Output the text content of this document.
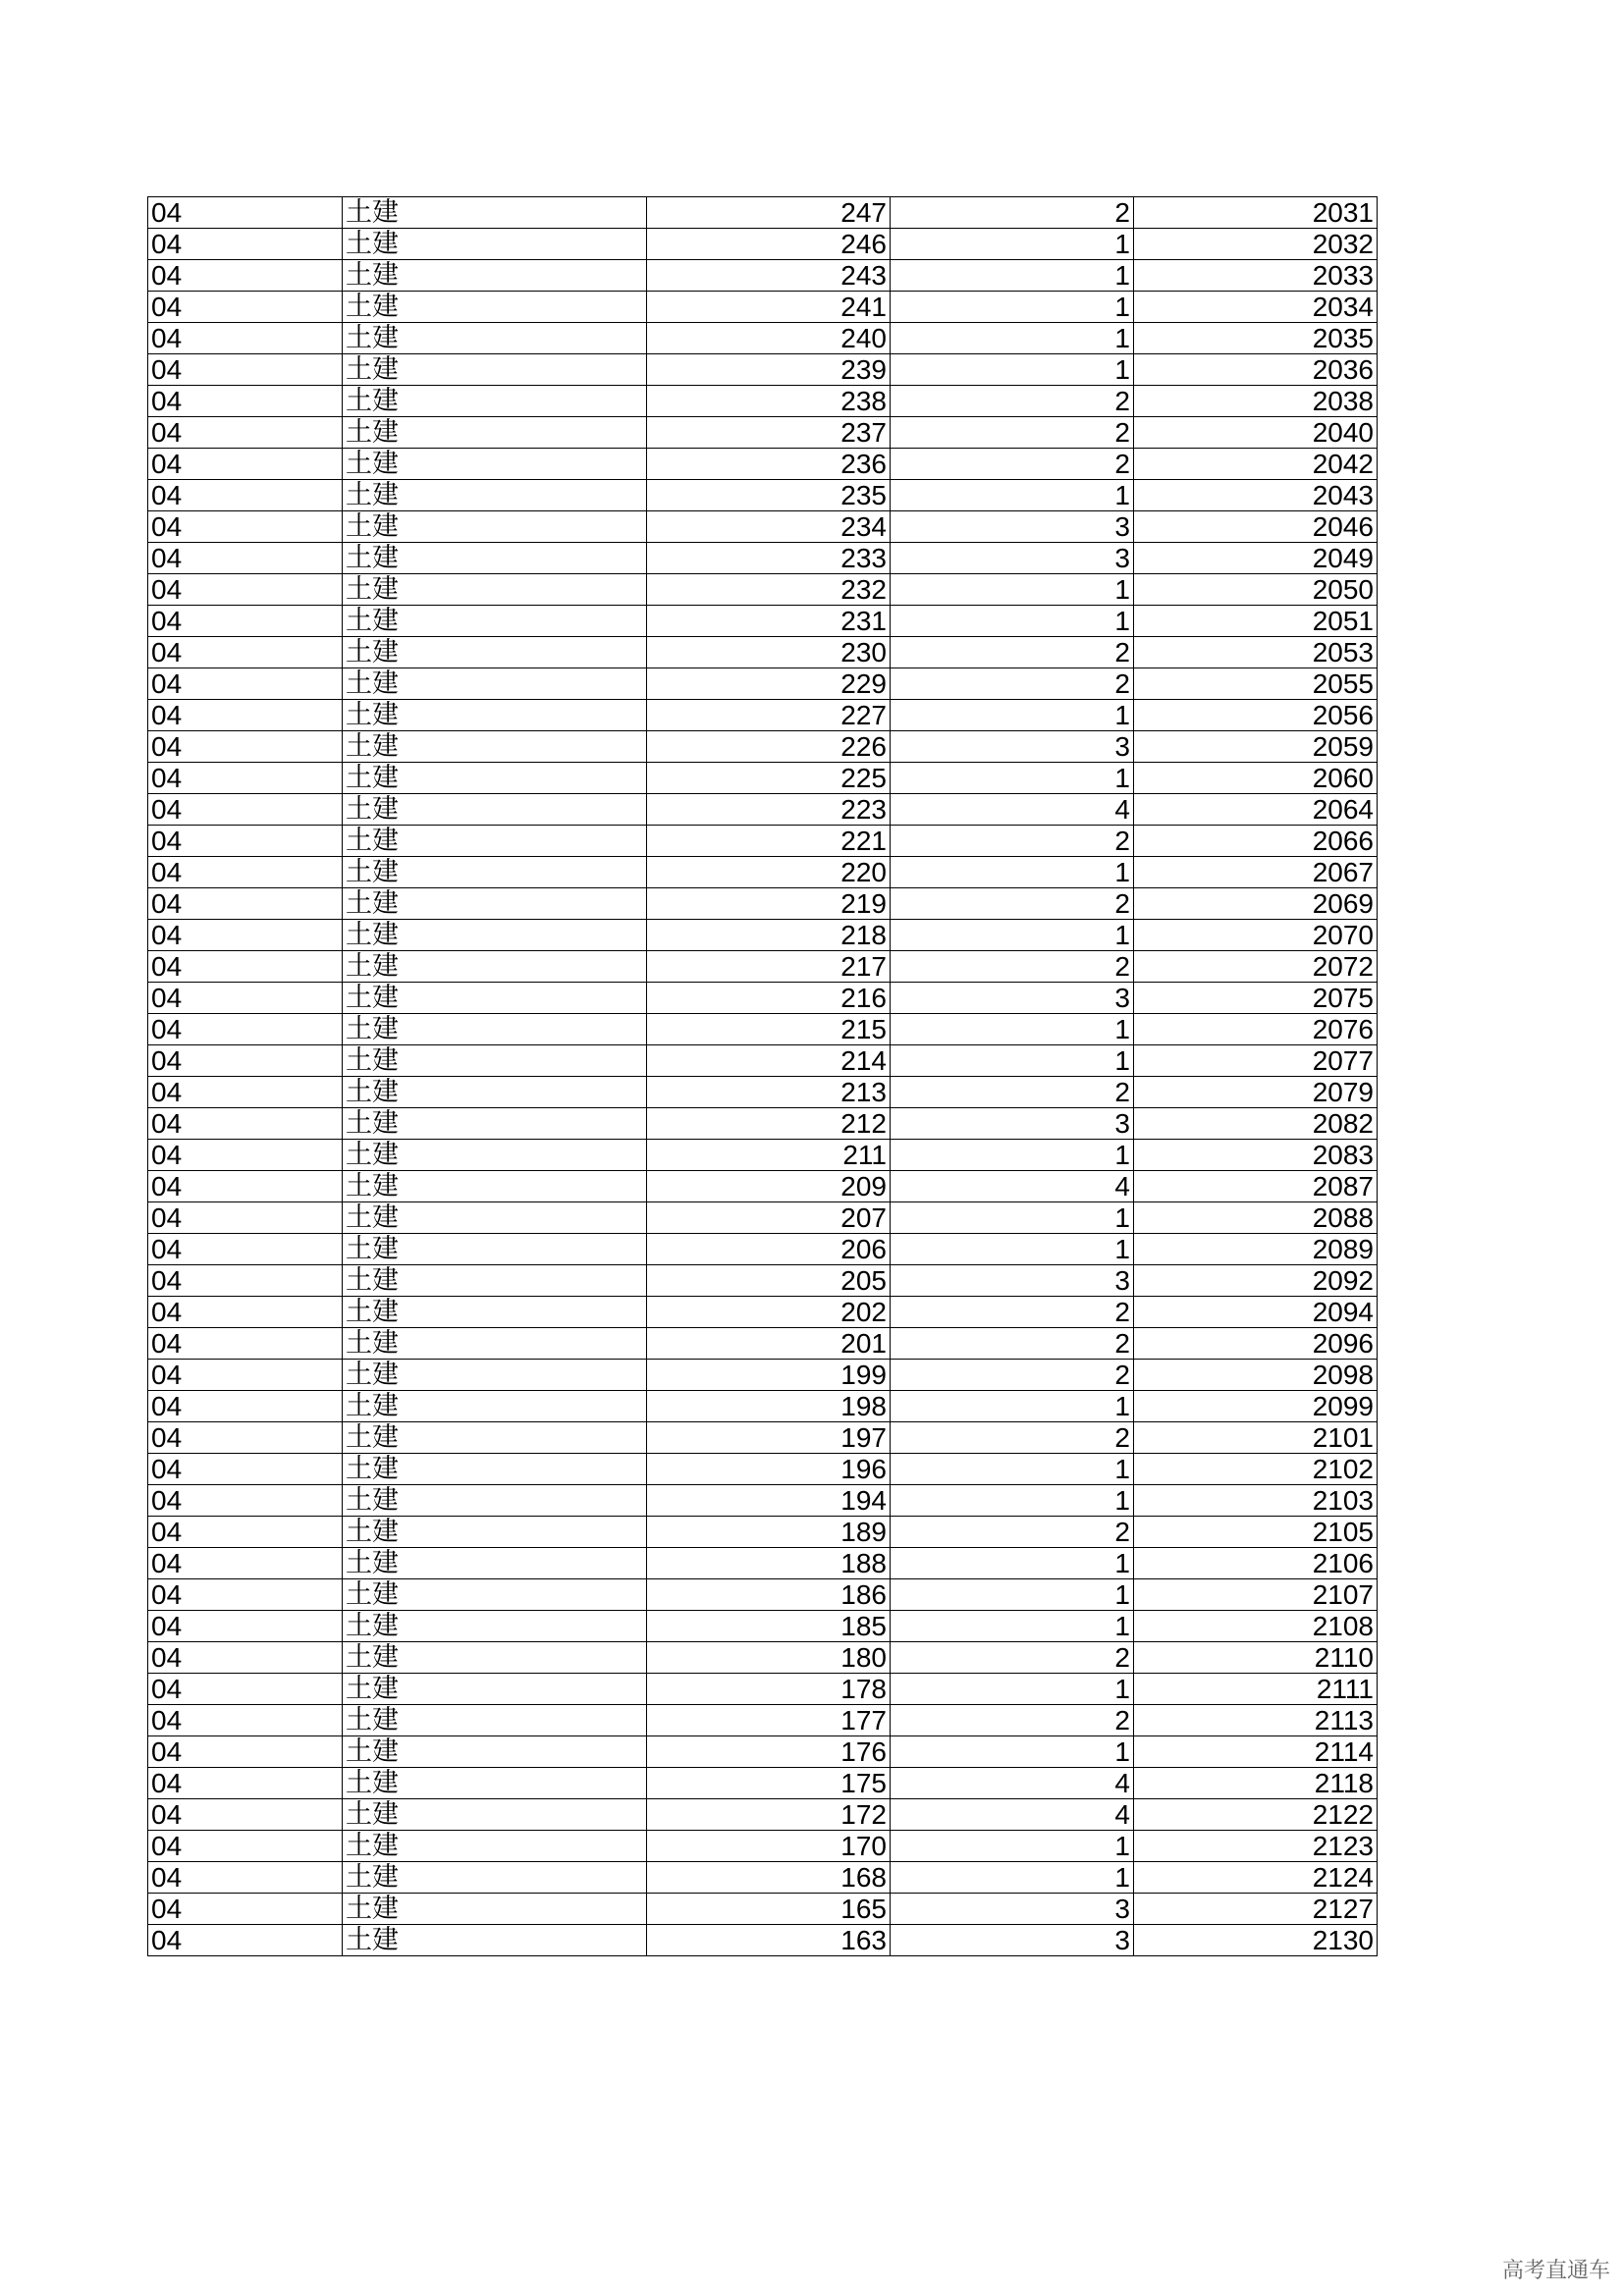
04	土建	247	2	2031
04	土建	246	1	2032
04	土建	243	1	2033
04	土建	241	1	2034
04	土建	240	1	2035
04	土建	239	1	2036
04	土建	238	2	2038
04	土建	237	2	2040
04	土建	236	2	2042
04	土建	235	1	2043
04	土建	234	3	2046
04	土建	233	3	2049
04	土建	232	1	2050
04	土建	231	1	2051
04	土建	230	2	2053
04	土建	229	2	2055
04	土建	227	1	2056
04	土建	226	3	2059
04	土建	225	1	2060
04	土建	223	4	2064
04	土建	221	2	2066
04	土建	220	1	2067
04	土建	219	2	2069
04	土建	218	1	2070
04	土建	217	2	2072
04	土建	216	3	2075
04	土建	215	1	2076
04	土建	214	1	2077
04	土建	213	2	2079
04	土建	212	3	2082
04	土建	211	1	2083
04	土建	209	4	2087
04	土建	207	1	2088
04	土建	206	1	2089
04	土建	205	3	2092
04	土建	202	2	2094
04	土建	201	2	2096
04	土建	199	2	2098
04	土建	198	1	2099
04	土建	197	2	2101
04	土建	196	1	2102
04	土建	194	1	2103
04	土建	189	2	2105
04	土建	188	1	2106
04	土建	186	1	2107
04	土建	185	1	2108
04	土建	180	2	2110
04	土建	178	1	2111
04	土建	177	2	2113
04	土建	176	1	2114
04	土建	175	4	2118
04	土建	172	4	2122
04	土建	170	1	2123
04	土建	168	1	2124
04	土建	165	3	2127
04	土建	163	3	2130
高考直通车
